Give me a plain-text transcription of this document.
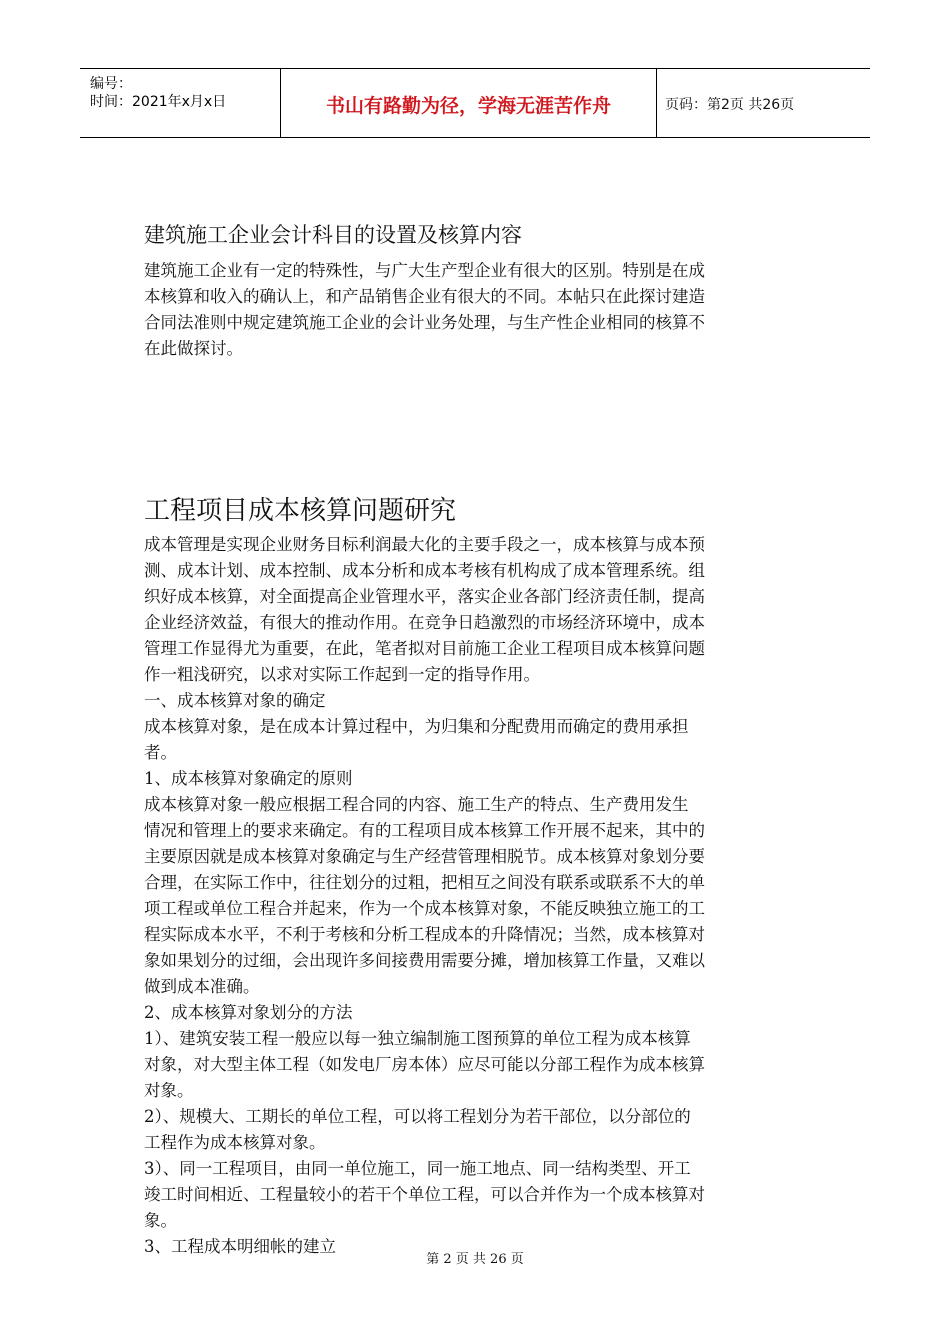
编号：
时间：2021年x月x日	书山有路勤为径，学海无涯苦作舟	页码：第2页 共26页
建筑施工企业会计科目的设置及核算内容
建筑施工企业有一定的特殊性，与广大生产型企业有很大的区别。特别是在成
本核算和收入的确认上，和产品销售企业有很大的不同。本帖只在此探讨建造
合同法准则中规定建筑施工企业的会计业务处理，与生产性企业相同的核算不
在此做探讨。
工程项目成本核算问题研究
成本管理是实现企业财务目标利润最大化的主要手段之一，成本核算与成本预
测、成本计划、成本控制、成本分析和成本考核有机构成了成本管理系统。组
织好成本核算，对全面提高企业管理水平，落实企业各部门经济责任制，提高
企业经济效益，有很大的推动作用。在竞争日趋激烈的市场经济环境中，成本
管理工作显得尤为重要，在此，笔者拟对目前施工企业工程项目成本核算问题
作一粗浅研究，以求对实际工作起到一定的指导作用。
一、成本核算对象的确定
成本核算对象，是在成本计算过程中，为归集和分配费用而确定的费用承担
者。
1、成本核算对象确定的原则
成本核算对象一般应根据工程合同的内容、施工生产的特点、生产费用发生
情况和管理上的要求来确定。有的工程项目成本核算工作开展不起来，其中的
主要原因就是成本核算对象确定与生产经营管理相脱节。成本核算对象划分要
合理，在实际工作中，往往划分的过粗，把相互之间没有联系或联系不大的单
项工程或单位工程合并起来，作为一个成本核算对象，不能反映独立施工的工
程实际成本水平，不利于考核和分析工程成本的升降情况；当然，成本核算对
象如果划分的过细，会出现许多间接费用需要分摊，增加核算工作量，又难以
做到成本准确。
2、成本核算对象划分的方法
1）、建筑安装工程一般应以每一独立编制施工图预算的单位工程为成本核算
对象，对大型主体工程（如发电厂房本体）应尽可能以分部工程作为成本核算
对象。
2）、规模大、工期长的单位工程，可以将工程划分为若干部位，以分部位的
工程作为成本核算对象。
3）、同一工程项目，由同一单位施工，同一施工地点、同一结构类型、开工
竣工时间相近、工程量较小的若干个单位工程，可以合并作为一个成本核算对
象。
3、工程成本明细帐的建立
第 2 页 共 26 页
